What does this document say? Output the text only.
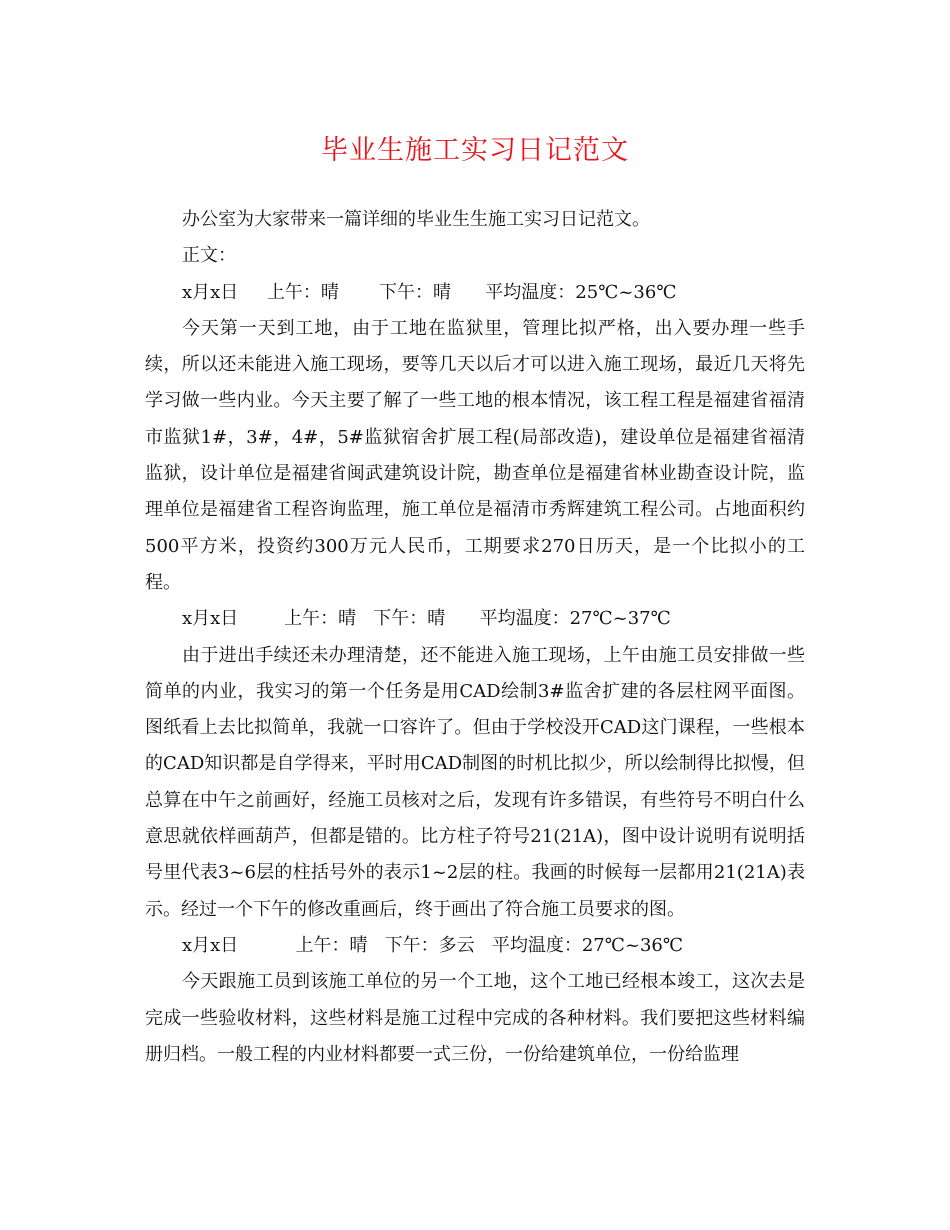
毕业生施工实习日记范文

办公室为大家带来一篇详细的毕业生生施工实习日记范文。

正文：

x月x日     上午：晴       下午：晴      平均温度：25℃~36℃

今天第一天到工地，由于工地在监狱里，管理比拟严格，出入要办理一些手续，所以还未能进入施工现场，要等几天以后才可以进入施工现场，最近几天将先学习做一些内业。今天主要了解了一些工地的根本情况，该工程工程是福建省福清市监狱1#，3#，4#，5#监狱宿舍扩展工程(局部改造)，建设单位是福建省福清监狱，设计单位是福建省闽武建筑设计院，勘查单位是福建省林业勘查设计院，监理单位是福建省工程咨询监理，施工单位是福清市秀辉建筑工程公司。占地面积约500平方米，投资约300万元人民币，工期要求270日历天，是一个比拟小的工程。

x月x日        上午：晴   下午：晴      平均温度：27℃~37℃

由于进出手续还未办理清楚，还不能进入施工现场，上午由施工员安排做一些简单的内业，我实习的第一个任务是用CAD绘制3#监舍扩建的各层柱网平面图。图纸看上去比拟简单，我就一口容许了。但由于学校没开CAD这门课程，一些根本的CAD知识都是自学得来，平时用CAD制图的时机比拟少，所以绘制得比拟慢，但总算在中午之前画好，经施工员核对之后，发现有许多错误，有些符号不明白什么意思就依样画葫芦，但都是错的。比方柱子符号21(21A)，图中设计说明有说明括号里代表3~6层的柱括号外的表示1~2层的柱。我画的时候每一层都用21(21A)表示。经过一个下午的修改重画后，终于画出了符合施工员要求的图。

x月x日          上午：晴   下午：多云   平均温度：27℃~36℃

今天跟施工员到该施工单位的另一个工地，这个工地已经根本竣工，这次去是完成一些验收材料，这些材料是施工过程中完成的各种材料。我们要把这些材料编册归档。一般工程的内业材料都要一式三份，一份给建筑单位，一份给监理
